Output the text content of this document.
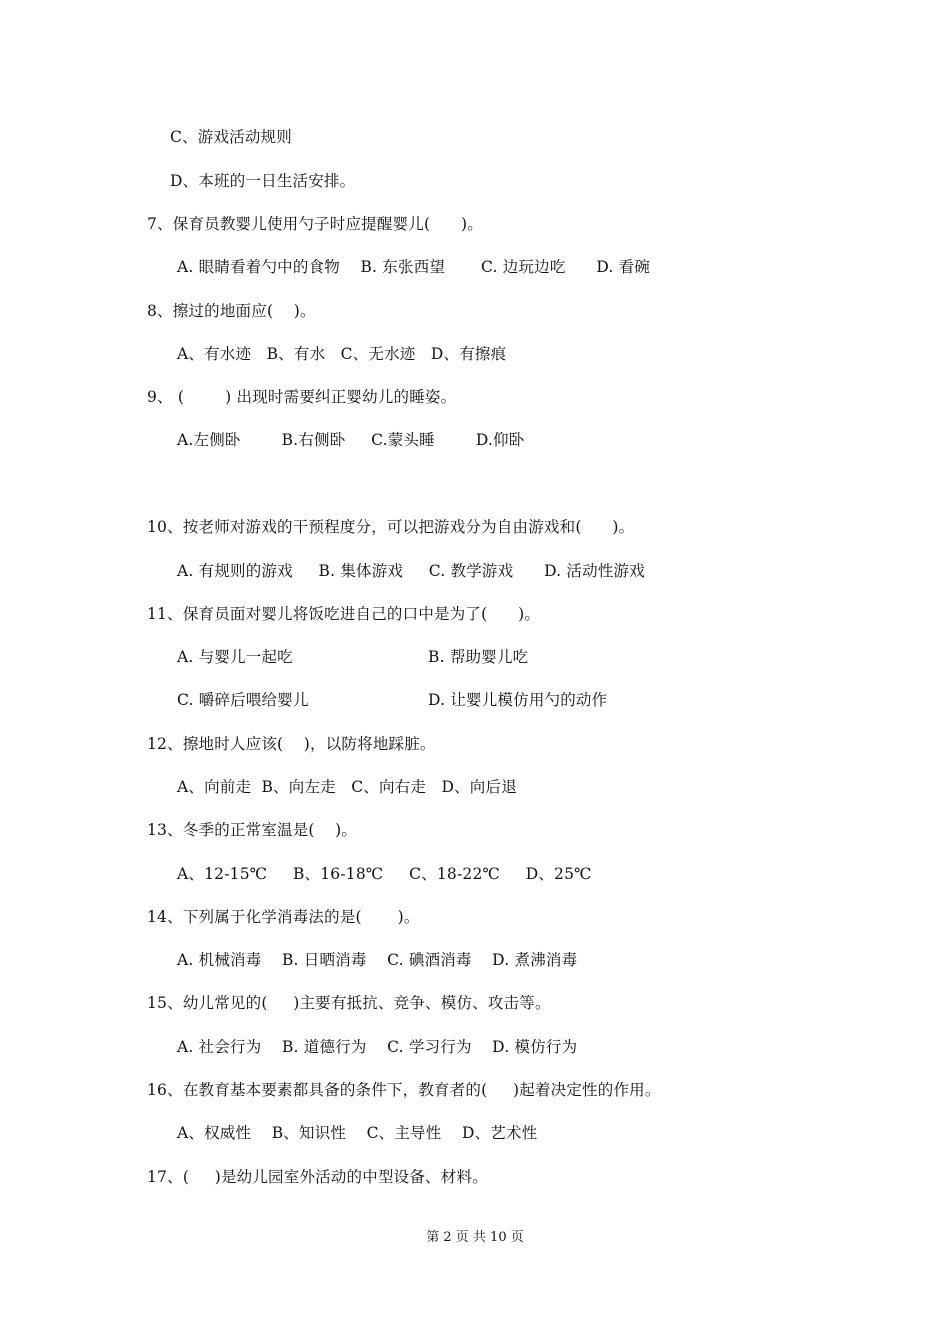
C、游戏活动规则
D、本班的一日生活安排。
7、保育员教婴儿使用勺子时应提醒婴儿(      )。
A. 眼睛看着勺中的食物    B. 东张西望       C. 边玩边吃      D. 看碗
8、擦过的地面应(    )。
A、有水迹   B、有水   C、无水迹   D、有擦痕
9、 (        ) 出现时需要纠正婴幼儿的睡姿。
A.左侧卧        B.右侧卧     C.蒙头睡        D.仰卧
10、按老师对游戏的干预程度分，可以把游戏分为自由游戏和(      )。
A. 有规则的游戏     B. 集体游戏     C. 教学游戏      D. 活动性游戏
11、保育员面对婴儿将饭吃进自己的口中是为了(      )。
A. 与婴儿一起吃	B. 帮助婴儿吃
C. 嚼碎后喂给婴儿	D. 让婴儿模仿用勺的动作
12、擦地时人应该(    )，以防将地踩脏。
A、向前走  B、向左走   C、向右走   D、向后退
13、冬季的正常室温是(    )。
A、12-15℃     B、16-18℃     C、18-22℃     D、25℃
14、下列属于化学消毒法的是(       )。
A. 机械消毒    B. 日晒消毒    C. 碘酒消毒    D. 煮沸消毒
15、幼儿常见的(     )主要有抵抗、竞争、模仿、攻击等。
A. 社会行为    B. 道德行为    C. 学习行为    D. 模仿行为
16、在教育基本要素都具备的条件下，教育者的(     )起着决定性的作用。
A、权威性    B、知识性    C、主导性    D、艺术性
17、(     )是幼儿园室外活动的中型设备、材料。
第 2 页 共 10 页
